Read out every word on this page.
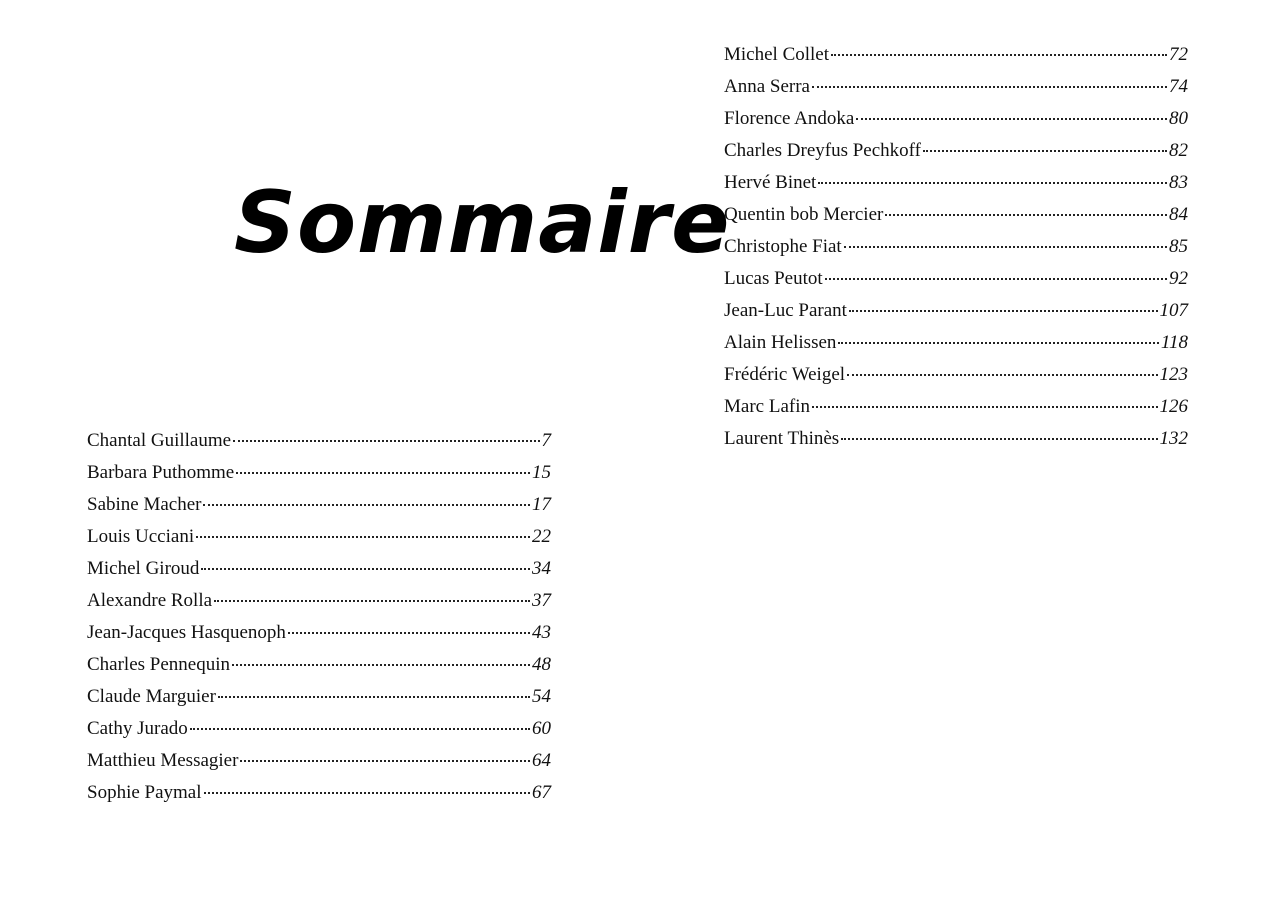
Sommaire
Chantal Guillaume	7
Barbara Puthomme	15
Sabine Macher	17
Louis Ucciani	22
Michel Giroud	34
Alexandre Rolla	37
Jean-Jacques Hasquenoph	43
Charles Pennequin	48
Claude Marguier	54
Cathy Jurado	60
Matthieu Messagier	64
Sophie Paymal	67
Michel Collet	72
Anna Serra	74
Florence Andoka	80
Charles Dreyfus Pechkoff	82
Hervé Binet	83
Quentin bob Mercier	84
Christophe Fiat	85
Lucas Peutot	92
Jean-Luc Parant	107
Alain Helissen	118
Frédéric Weigel	123
Marc Lafin	126
Laurent Thinès	132
